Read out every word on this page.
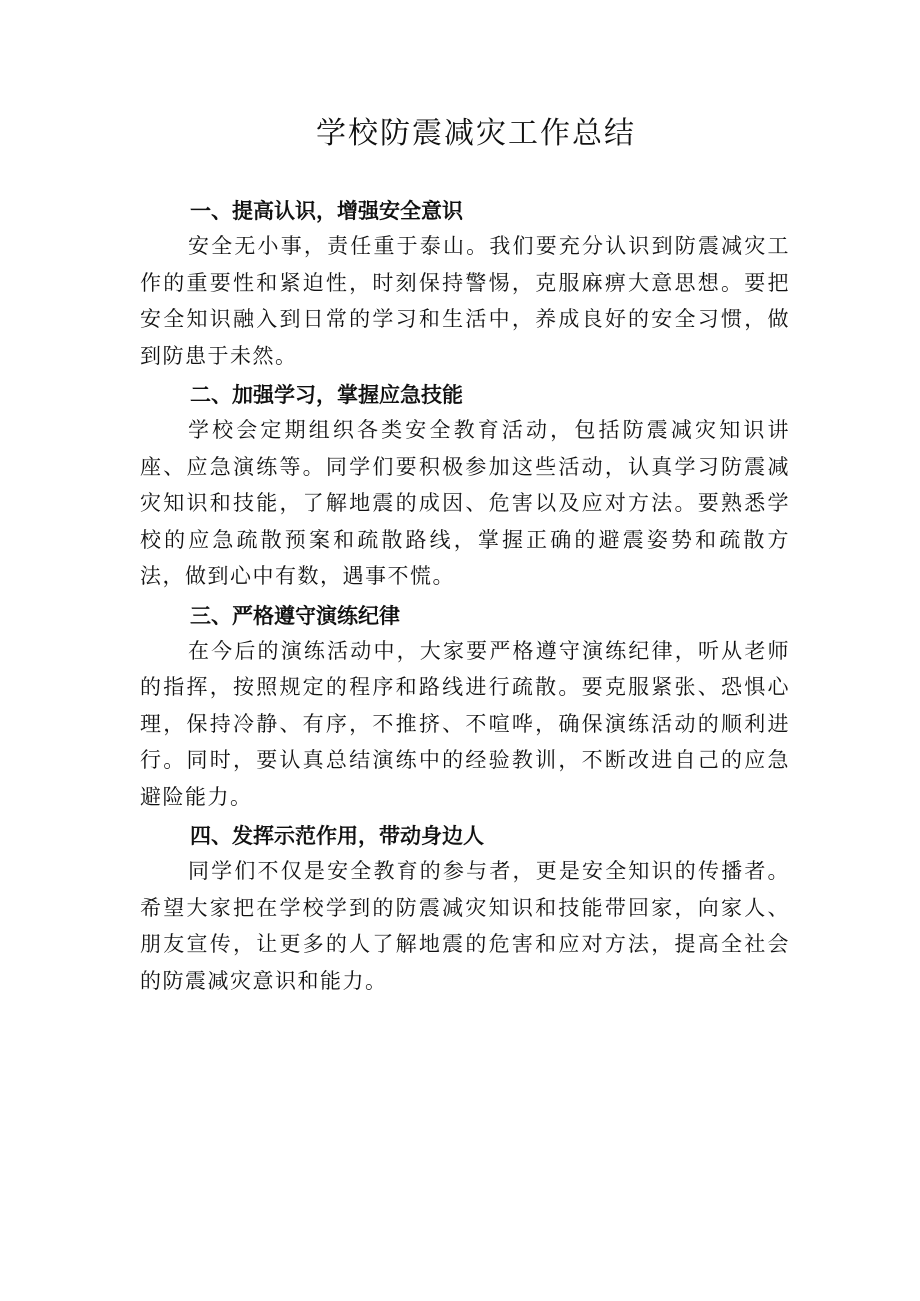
学校防震减灾工作总结
一、提高认识，增强安全意识

安全无小事，责任重于泰山。我们要充分认识到防震减灾工作的重要性和紧迫性，时刻保持警惕，克服麻痹大意思想。要把安全知识融入到日常的学习和生活中，养成良好的安全习惯，做到防患于未然。

二、加强学习，掌握应急技能

学校会定期组织各类安全教育活动，包括防震减灾知识讲座、应急演练等。同学们要积极参加这些活动，认真学习防震减灾知识和技能，了解地震的成因、危害以及应对方法。要熟悉学校的应急疏散预案和疏散路线，掌握正确的避震姿势和疏散方法，做到心中有数，遇事不慌。

三、严格遵守演练纪律

在今后的演练活动中，大家要严格遵守演练纪律，听从老师的指挥，按照规定的程序和路线进行疏散。要克服紧张、恐惧心理，保持冷静、有序，不推挤、不喧哗，确保演练活动的顺利进行。同时，要认真总结演练中的经验教训，不断改进自己的应急避险能力。

四、发挥示范作用，带动身边人

同学们不仅是安全教育的参与者，更是安全知识的传播者。希望大家把在学校学到的防震减灾知识和技能带回家，向家人、朋友宣传，让更多的人了解地震的危害和应对方法，提高全社会的防震减灾意识和能力。
